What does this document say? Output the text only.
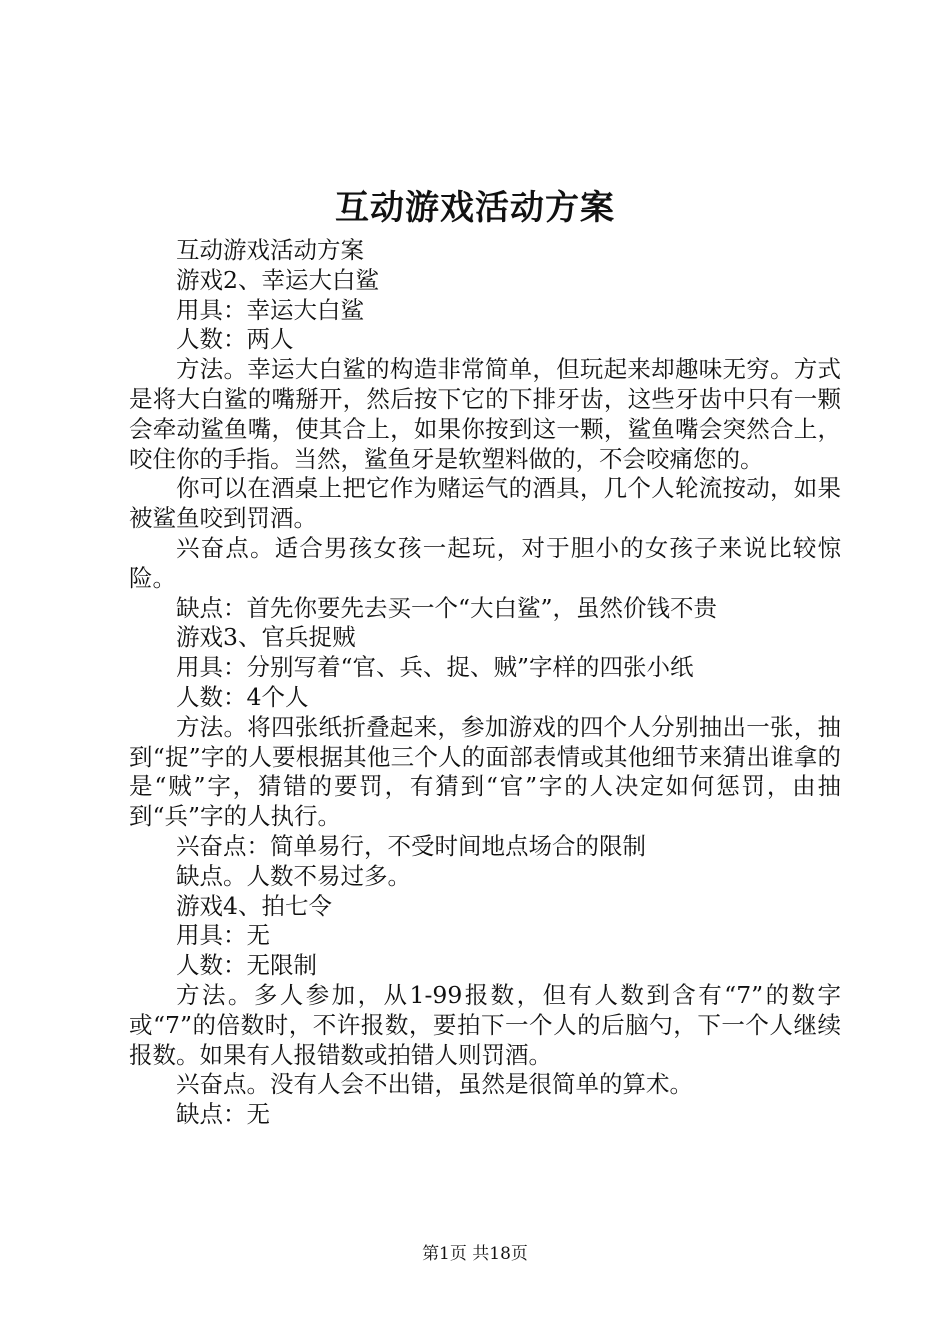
互动游戏活动方案

互动游戏活动方案

游戏2、幸运大白鲨

用具：幸运大白鲨

人数：两人

方法。幸运大白鲨的构造非常简单，但玩起来却趣味无穷。方式是将大白鲨的嘴掰开，然后按下它的下排牙齿，这些牙齿中只有一颗会牵动鲨鱼嘴，使其合上，如果你按到这一颗，鲨鱼嘴会突然合上，咬住你的手指。当然，鲨鱼牙是软塑料做的，不会咬痛您的。

你可以在酒桌上把它作为赌运气的酒具，几个人轮流按动，如果被鲨鱼咬到罚酒。

兴奋点。适合男孩女孩一起玩，对于胆小的女孩子来说比较惊险。

缺点：首先你要先去买一个“大白鲨”，虽然价钱不贵

游戏3、官兵捉贼

用具：分别写着“官、兵、捉、贼”字样的四张小纸

人数：4个人

方法。将四张纸折叠起来，参加游戏的四个人分别抽出一张，抽到“捉”字的人要根据其他三个人的面部表情或其他细节来猜出谁拿的是“贼”字，猜错的要罚，有猜到“官”字的人决定如何惩罚，由抽到“兵”字的人执行。

兴奋点：简单易行，不受时间地点场合的限制

缺点。人数不易过多。

游戏4、拍七令

用具：无

人数：无限制

方法。多人参加，从1-99报数，但有人数到含有“7”的数字或“7”的倍数时，不许报数，要拍下一个人的后脑勺，下一个人继续报数。如果有人报错数或拍错人则罚酒。

兴奋点。没有人会不出错，虽然是很简单的算术。

缺点：无

第1页 共18页
